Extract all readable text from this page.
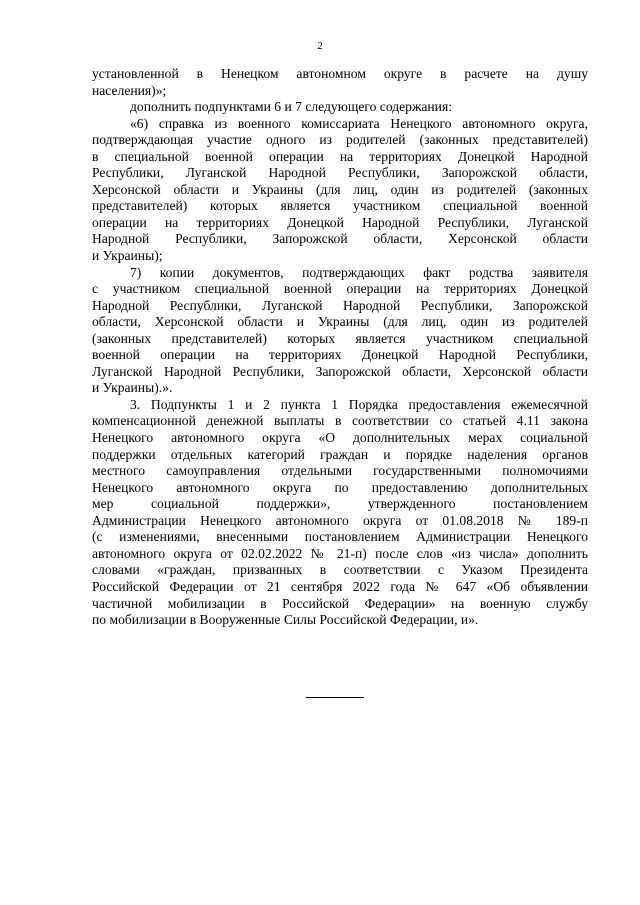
2
установленной в Ненецком автономном округе в расчете на душу
населения)»;
дополнить подпунктами 6 и 7 следующего содержания:
«6) справка из военного комиссариата Ненецкого автономного округа,
подтверждающая участие одного из родителей (законных представителей)
в специальной военной операции на территориях Донецкой Народной
Республики, Луганской Народной Республики, Запорожской области,
Херсонской области и Украины (для лиц, один из родителей (законных
представителей) которых является участником специальной военной
операции на территориях Донецкой Народной Республики, Луганской
Народной Республики, Запорожской области, Херсонской области
и Украины);
7) копии документов, подтверждающих факт родства заявителя
с участником специальной военной операции на территориях Донецкой
Народной Республики, Луганской Народной Республики, Запорожской
области, Херсонской области и Украины (для лиц, один из родителей
(законных представителей) которых является участником специальной
военной операции на территориях Донецкой Народной Республики,
Луганской Народной Республики, Запорожской области, Херсонской области
и Украины).».
3. Подпункты 1 и 2 пункта 1 Порядка предоставления ежемесячной
компенсационной денежной выплаты в соответствии со статьей 4.11 закона
Ненецкого автономного округа «О дополнительных мерах социальной
поддержки отдельных категорий граждан и порядке наделения органов
местного самоуправления отдельными государственными полномочиями
Ненецкого автономного округа по предоставлению дополнительных
мер социальной поддержки», утвержденного постановлением
Администрации Ненецкого автономного округа от 01.08.2018 № 189-п
(с изменениями, внесенными постановлением Администрации Ненецкого
автономного округа от 02.02.2022 № 21-п) после слов «из числа» дополнить
словами «граждан, призванных в соответствии с Указом Президента
Российской Федерации от 21 сентября 2022 года № 647 «Об объявлении
частичной мобилизации в Российской Федерации» на военную службу
по мобилизации в Вооруженные Силы Российской Федерации, и».
